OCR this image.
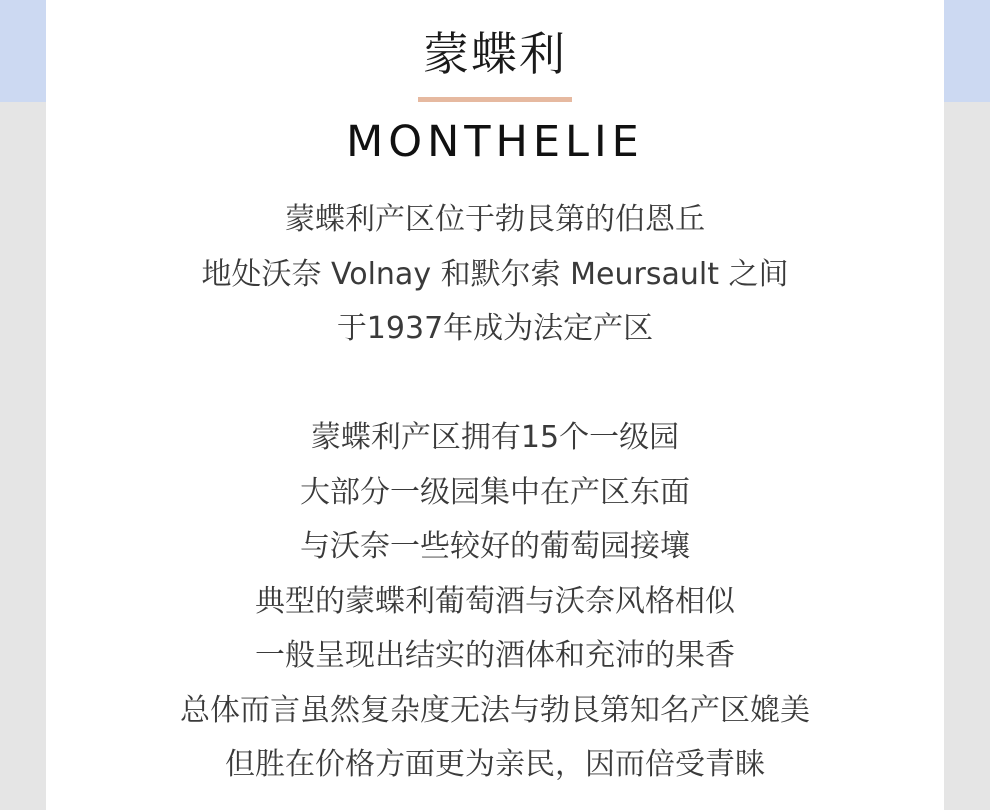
蒙蝶利
MONTHELIE
蒙蝶利产区位于勃艮第的伯恩丘
地处沃奈 Volnay 和默尔索 Meursault 之间
于1937年成为法定产区
蒙蝶利产区拥有15个一级园
大部分一级园集中在产区东面
与沃奈一些较好的葡萄园接壤
典型的蒙蝶利葡萄酒与沃奈风格相似
一般呈现出结实的酒体和充沛的果香
总体而言虽然复杂度无法与勃艮第知名产区媲美
但胜在价格方面更为亲民，因而倍受青睐
